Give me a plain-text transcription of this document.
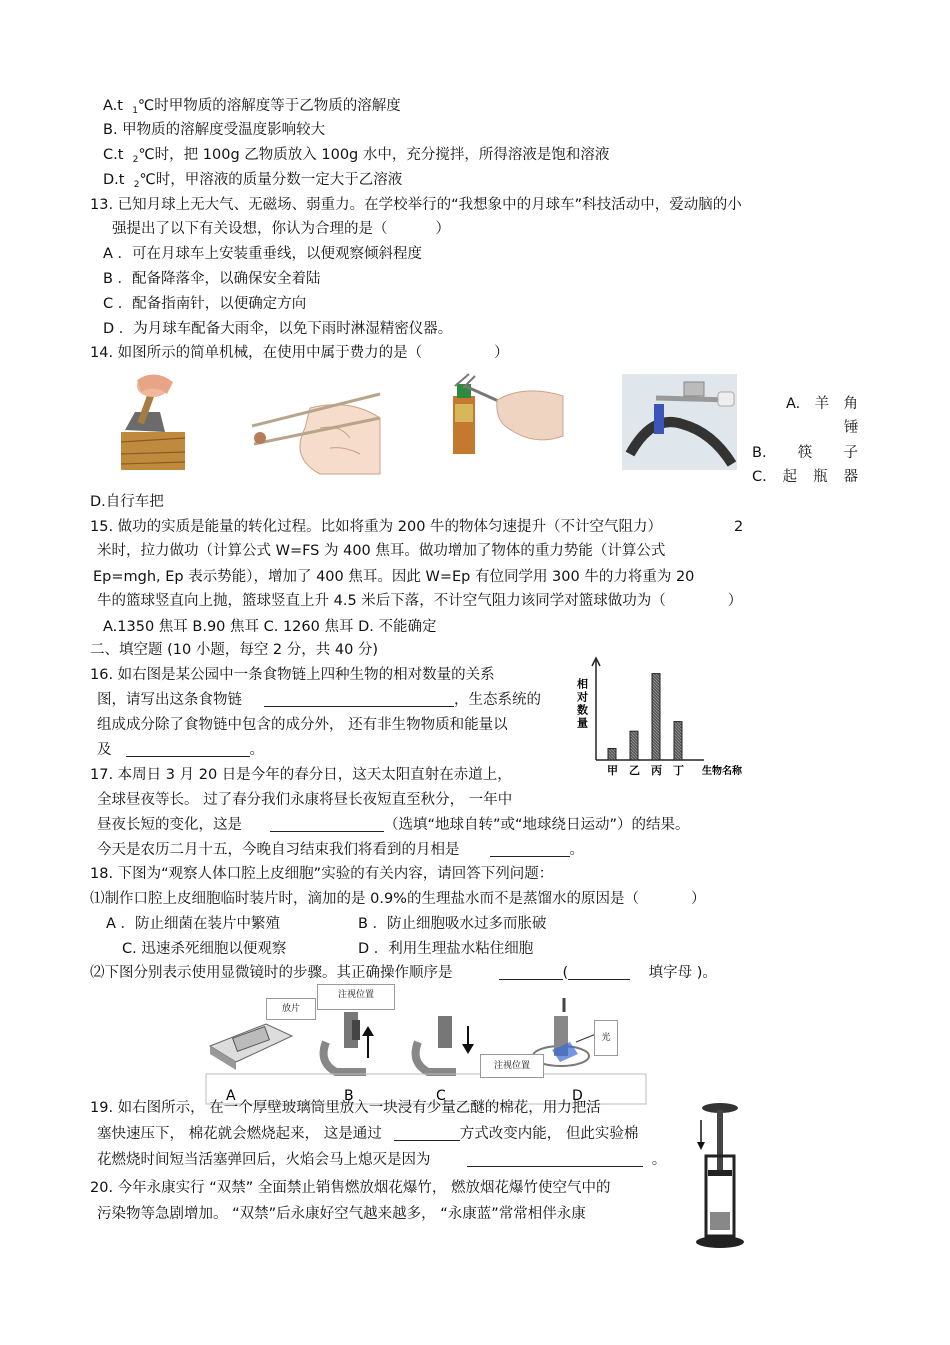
A.t $_1$℃时甲物质的溶解度等于乙物质的溶解度
B. 甲物质的溶解度受温度影响较大
C.t $_2$℃时，把 100g 乙物质放入 100g 水中，充分搅拌，所得溶液是饱和溶液
D.t $_2$℃时，甲溶液的质量分数一定大于乙溶液
13. 已知月球上无大气、无磁场、弱重力。在学校举行的“我想象中的月球车”科技活动中，爱动脑的小
强提出了以下有关设想，你认为合理的是（	）
A ．可在月球车上安装重垂线，以便观察倾斜程度
B ．配备降落伞，以确保安全着陆
C ．配备指南针，以便确定方向
D ．为月球车配备大雨伞，以免下雨时淋湿精密仪器。
14. 如图所示的简单机械，在使用中属于费力的是（	）
A. 羊 角
锤
B. 筷 子
C. 起 瓶 器
D.自行车把
15. 做功的实质是能量的转化过程。比如将重为 200 牛的物体匀速提升（不计空气阻力）	2
米时，拉力做功（计算公式 W=FS 为 400 焦耳。做功增加了物体的重力势能（计算公式
Ep=mgh, Ep 表示势能），增加了 400 焦耳。因此 W=Ep 有位同学用 300 牛的力将重为 20
牛的篮球竖直向上抛，篮球竖直上升 4.5 米后下落，不计空气阻力该同学对篮球做功为（	）
A.1350 焦耳 B.90 焦耳 C. 1260 焦耳 D. 不能确定
二、填空题 (10 小题，每空 2 分，共 40 分)
16. 如右图是某公园中一条食物链上四种生物的相对数量的关系
图，请写出这条食物链	，生态系统的
组成成分除了食物链中包含的成分外， 还有非生物物质和能量以
及	。
相对数量
甲 乙 丙 丁 生物名称
17. 本周日 3 月 20 日是今年的春分日，这天太阳直射在赤道上，
全球昼夜等长。 过了春分我们永康将昼长夜短直至秋分， 一年中
昼夜长短的变化，这是	（选填“地球自转”或“地球绕日运动”）的结果。
今天是农历二月十五，今晚自习结束我们将看到的月相是	。
18. 下图为“观察人体口腔上皮细胞”实验的有关内容，请回答下列问题：
⑴制作口腔上皮细胞临时装片时，滴加的是 0.9%的生理盐水而不是蒸馏水的原因是（	）
A ．防止细菌在装片中繁殖	B ．防止细胞吸水过多而胀破
C. 迅速杀死细胞以便观察	D ．利用生理盐水粘住细胞
⑵下图分别表示使用显微镜时的步骤。其正确操作顺序是	(	填字母 )。
A	B	C	D
放片
注视位置
注视位置
光
19. 如右图所示， 在一个厚壁玻璃筒里放入一块浸有少量乙醚的棉花，用力把活
塞快速压下， 棉花就会燃烧起来， 这是通过	方式改变内能， 但此实验棉
花燃烧时间短当活塞弹回后，火焰会马上熄灭是因为	。
20. 今年永康实行 “双禁” 全面禁止销售燃放烟花爆竹， 燃放烟花爆竹使空气中的
污染物等急剧增加。 “双禁”后永康好空气越来越多， “永康蓝”常常相伴永康
